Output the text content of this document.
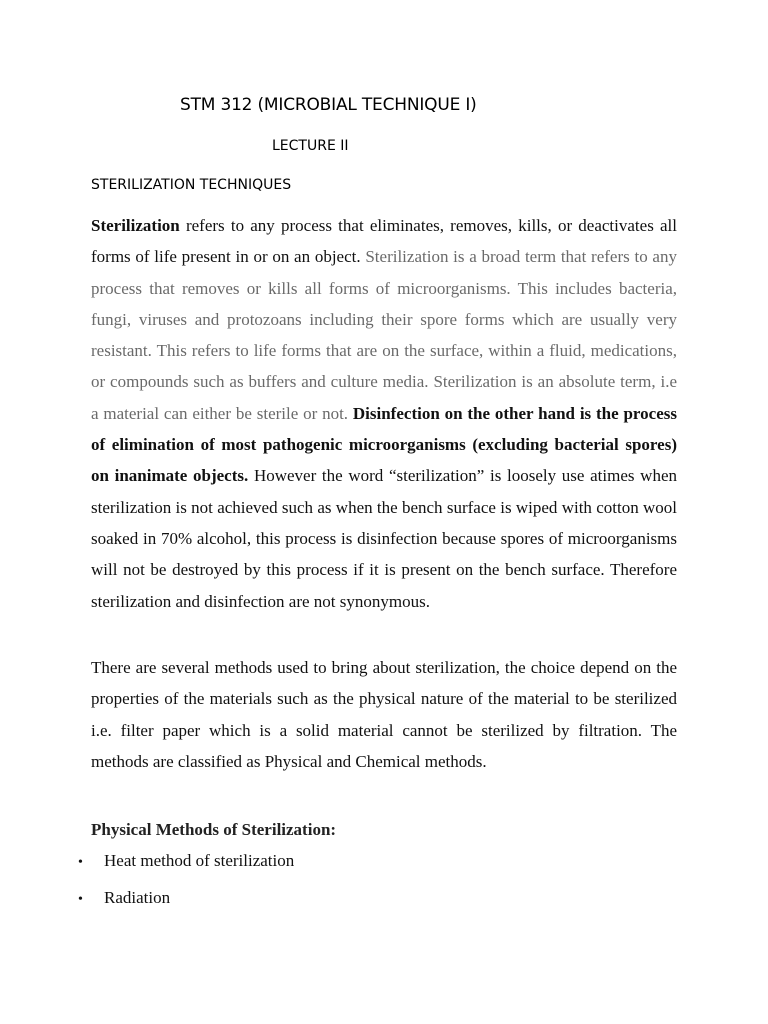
STM 312 (MICROBIAL TECHNIQUE I)
LECTURE II
STERILIZATION TECHNIQUES
Sterilization refers to any process that eliminates, removes, kills, or deactivates all forms of life present in or on an object. Sterilization is a broad term that refers to any process that removes or kills all forms of microorganisms. This includes bacteria, fungi, viruses and protozoans including their spore forms which are usually very resistant. This refers to life forms that are on the surface, within a fluid, medications, or compounds such as buffers and culture media. Sterilization is an absolute term, i.e a material can either be sterile or not. Disinfection on the other hand is the process of elimination of most pathogenic microorganisms (excluding bacterial spores) on inanimate objects. However the word “sterilization” is loosely use atimes when sterilization is not achieved such as when the bench surface is wiped with cotton wool soaked in 70% alcohol, this process is disinfection because spores of microorganisms will not be destroyed by this process if it is present on the bench surface. Therefore sterilization and disinfection are not synonymous.
There are several methods used to bring about sterilization, the choice depend on the properties of the materials such as the physical nature of the material to be sterilized i.e. filter paper which is a solid material cannot be sterilized by filtration. The methods are classified as Physical and Chemical methods.
Physical Methods of Sterilization:
• Heat method of sterilization
• Radiation
